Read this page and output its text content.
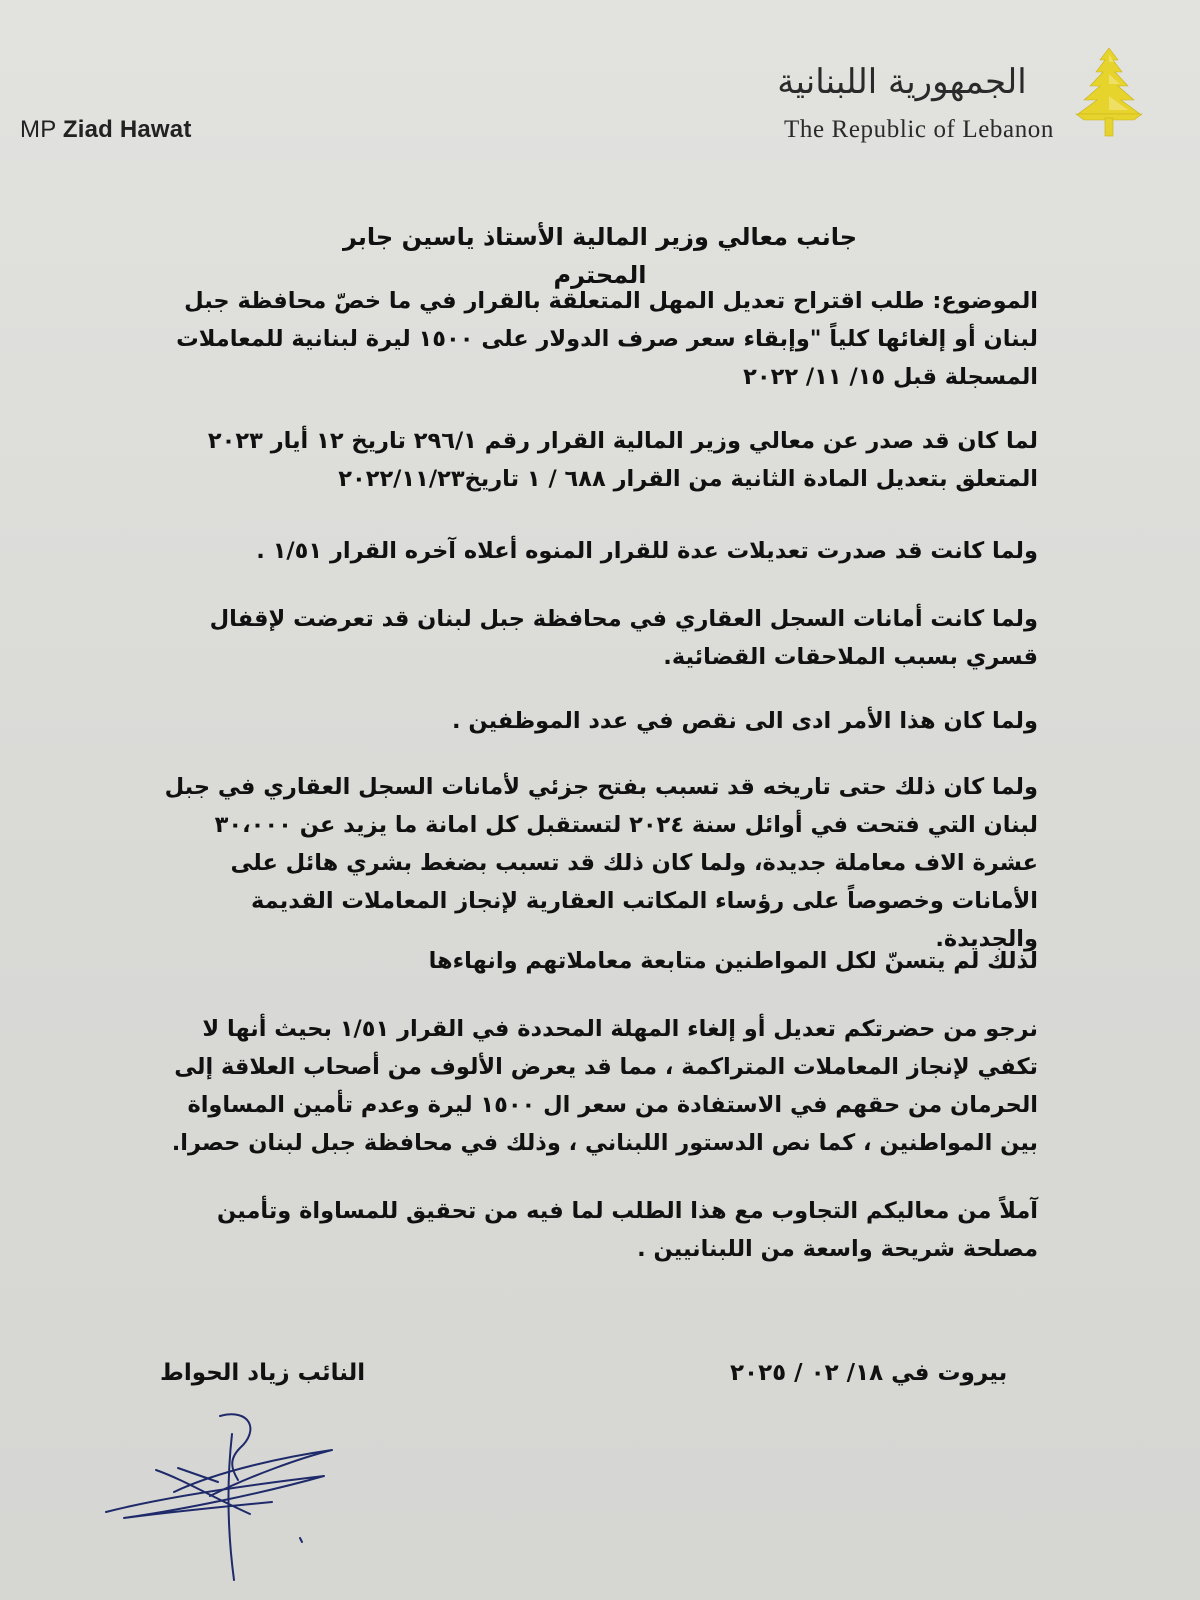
MP Ziad Hawat
الجمهورية اللبنانية
The Republic of Lebanon

جانب معالي وزير المالية الأستاذ ياسين جابر المحترم

الموضوع: طلب اقتراح تعديل المهل المتعلقة بالقرار في ما خصّ محافظة جبل لبنان أو إلغائها كلياً "وإبقاء سعر صرف الدولار على ١٥٠٠ ليرة لبنانية للمعاملات المسجلة قبل ١٥/ ١١/ ٢٠٢٢

لما كان قد صدر عن معالي وزير المالية القرار رقم ٢٩٦/١ تاريخ ١٢ أيار ٢٠٢٣ المتعلق بتعديل المادة الثانية من القرار ٦٨٨ / ١ تاريخ٢٠٢٢/١١/٢٣

ولما كانت قد صدرت تعديلات عدة للقرار المنوه أعلاه آخره القرار ١/٥١ .

ولما كانت أمانات السجل العقاري في محافظة جبل لبنان قد تعرضت لإقفال قسري بسبب الملاحقات القضائية.

ولما كان هذا الأمر ادى الى نقص في عدد الموظفين .

ولما كان ذلك حتى تاريخه قد تسبب بفتح جزئي لأمانات السجل العقاري في جبل لبنان التي فتحت في أوائل سنة ٢٠٢٤ لتستقبل كل امانة ما يزيد عن ٣٠،٠٠٠ عشرة الاف معاملة جديدة، ولما كان ذلك قد تسبب بضغط بشري هائل على الأمانات وخصوصاً على رؤساء المكاتب العقارية لإنجاز المعاملات القديمة والجديدة.

لذلك لم يتسنّ لكل المواطنين متابعة معاملاتهم وانهاءها

نرجو من حضرتكم تعديل أو إلغاء المهلة المحددة في القرار ١/٥١ بحيث أنها لا تكفي لإنجاز المعاملات المتراكمة ، مما قد يعرض الألوف من أصحاب العلاقة إلى الحرمان من حقهم في الاستفادة من سعر ال ١٥٠٠ ليرة وعدم تأمين المساواة بين المواطنين ، كما نص الدستور اللبناني ، وذلك في محافظة جبل لبنان حصرا.

آملاً من معاليكم التجاوب مع هذا الطلب لما فيه من تحقيق للمساواة وتأمين مصلحة شريحة واسعة من اللبنانيين .

بيروت في ١٨/ ٠٢ / ٢٠٢٥
النائب زياد الحواط
